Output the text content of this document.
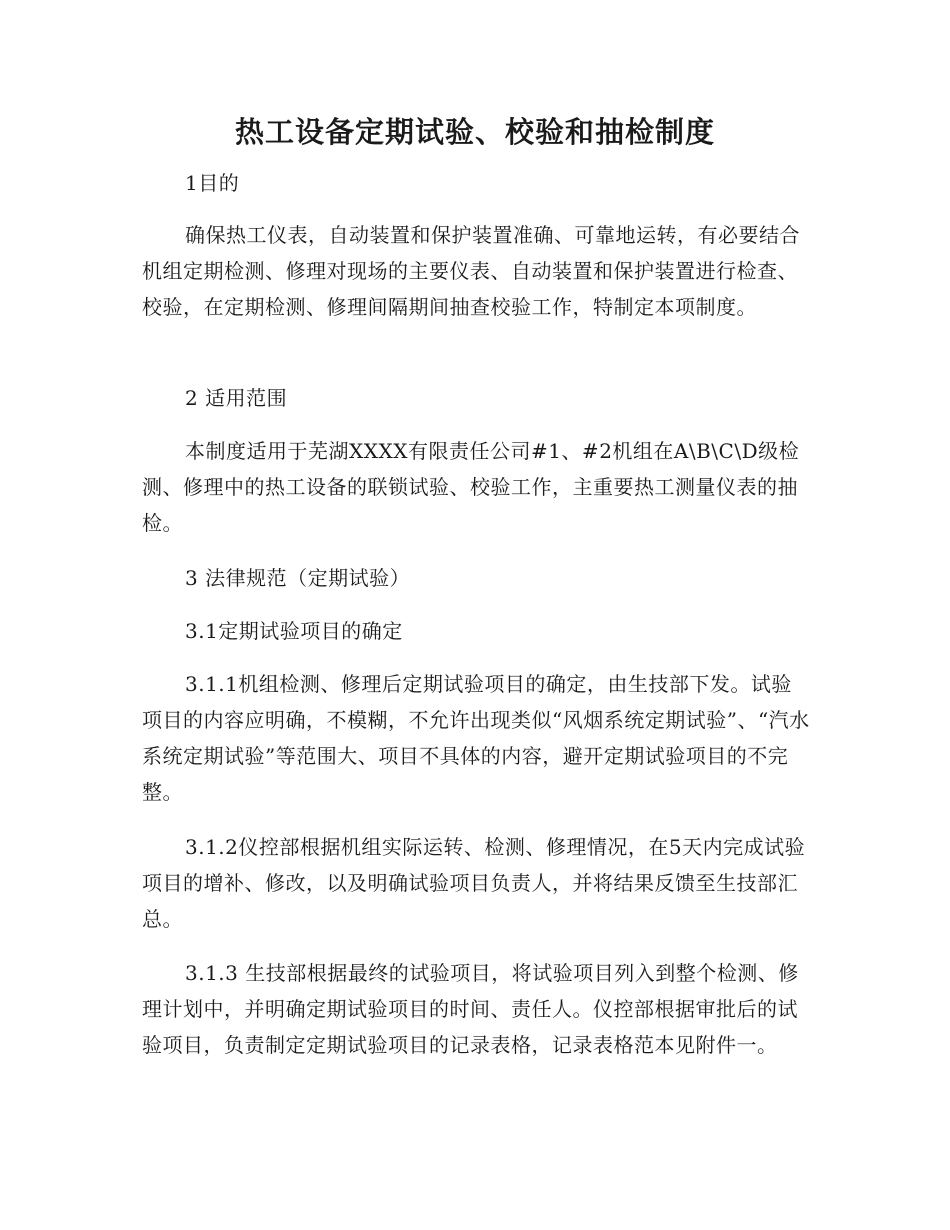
热工设备定期试验、校验和抽检制度

1目的

确保热工仪表，自动装置和保护装置准确、可靠地运转，有必要结合机组定期检测、修理对现场的主要仪表、自动装置和保护装置进行检查、校验，在定期检测、修理间隔期间抽查校验工作，特制定本项制度。

2 适用范围

本制度适用于芜湖XXXX有限责任公司#1、#2机组在A\B\C\D级检测、修理中的热工设备的联锁试验、校验工作，主重要热工测量仪表的抽检。

3 法律规范（定期试验）

3.1定期试验项目的确定

3.1.1机组检测、修理后定期试验项目的确定，由生技部下发。试验项目的内容应明确，不模糊，不允许出现类似“风烟系统定期试验”、“汽水系统定期试验”等范围大、项目不具体的内容，避开定期试验项目的不完整。

3.1.2仪控部根据机组实际运转、检测、修理情况，在5天内完成试验项目的增补、修改，以及明确试验项目负责人，并将结果反馈至生技部汇总。

3.1.3 生技部根据最终的试验项目，将试验项目列入到整个检测、修理计划中，并明确定期试验项目的时间、责任人。仪控部根据审批后的试验项目，负责制定定期试验项目的记录表格，记录表格范本见附件一。
